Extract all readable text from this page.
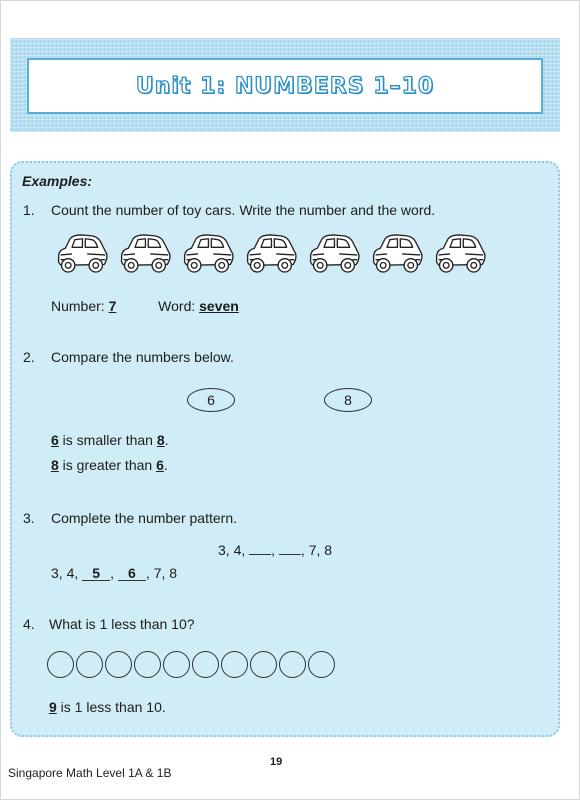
Unit 1: NUMBERS 1–10
Examples:
1. Count the number of toy cars. Write the number and the word.
Number: 7	Word: seven
2. Compare the numbers below.
6	8
6 is smaller than 8.
8 is greater than 6.
3. Complete the number pattern.
3, 4, , , 7, 8
3, 4, 5 , 6 , 7, 8
4. What is 1 less than 10?
9 is 1 less than 10.
19
Singapore Math Level 1A & 1B
